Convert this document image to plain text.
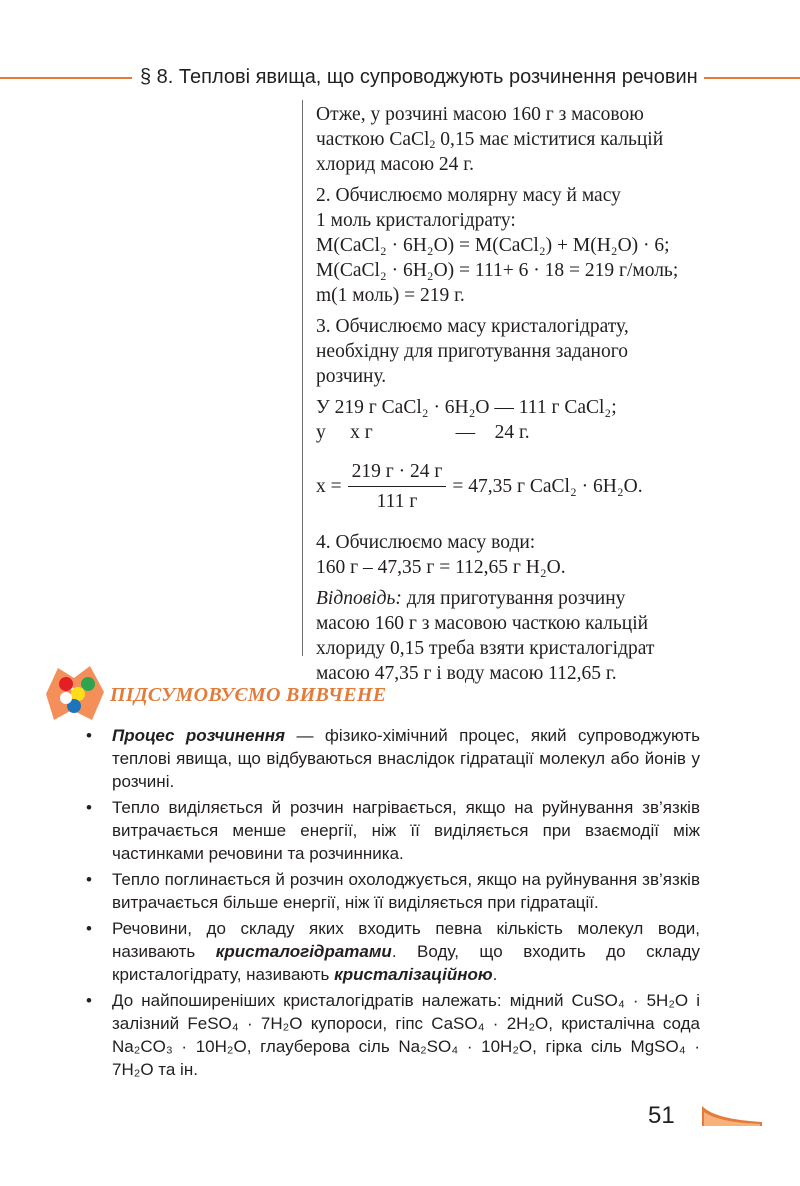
§ 8. Теплові явища, що супроводжують розчинення речовин

Отже, у розчині масою 160 г з масовою
часткою CaCl$_2$ 0,15 має міститися кальцій
хлорид масою 24 г.

2. Обчислюємо молярну масу й масу
1 моль кристалогідрату:
M(CaCl₂ · 6H₂O) = M(CaCl₂) + M(H₂O) · 6;
M(CaCl₂ · 6H₂O) = 111+ 6 · 18 = 219 г/моль;
m(1 моль) = 219 г.

3. Обчислюємо масу кристалогідрату,
необхідну для приготування заданого
розчину.

У 219 г CaCl₂ · 6H₂O — 111 г CaCl₂;
у     x г                 —    24 г.

$x = \frac{219 г \cdot 24 г}{111 г} = 47,35$ г CaCl₂ · 6H₂O.

4. Обчислюємо масу води:
160 г – 47,35 г = 112,65 г H₂O.

Відповідь: для приготування розчину
масою 160 г з масовою часткою кальцій
хлориду 0,15 треба взяти кристалогідрат
масою 47,35 г і воду масою 112,65 г.

ПІДСУМОВУЄМО ВИВЧЕНЕ
• Процес розчинення — фізико-хімічний процес, який супроводжують теплові явища, що відбуваються внаслідок гідратації молекул або йонів у розчині.
• Тепло виділяється й розчин нагрівається, якщо на руйнування зв’язків витрачається менше енергії, ніж її виділяється при взаємодії між частинками речовини та розчинника.
• Тепло поглинається й розчин охолоджується, якщо на руйнування зв’язків витрачається більше енергії, ніж її виділяється при гідратації.
• Речовини, до складу яких входить певна кількість молекул води, називають кристалогідратами. Воду, що входить до складу кристалогідрату, називають кристалізаційною.
• До найпоширеніших кристалогідратів належать: мідний CuSO₄ · 5H₂O і залізний FeSO₄ · 7H₂O купороси, гіпс CaSO₄ · 2H₂O, кристалічна сода Na₂CO₃ · 10H₂O, глауберова сіль Na₂SO₄ · 10H₂O, гірка сіль MgSO₄ · 7H₂O та ін.
51
